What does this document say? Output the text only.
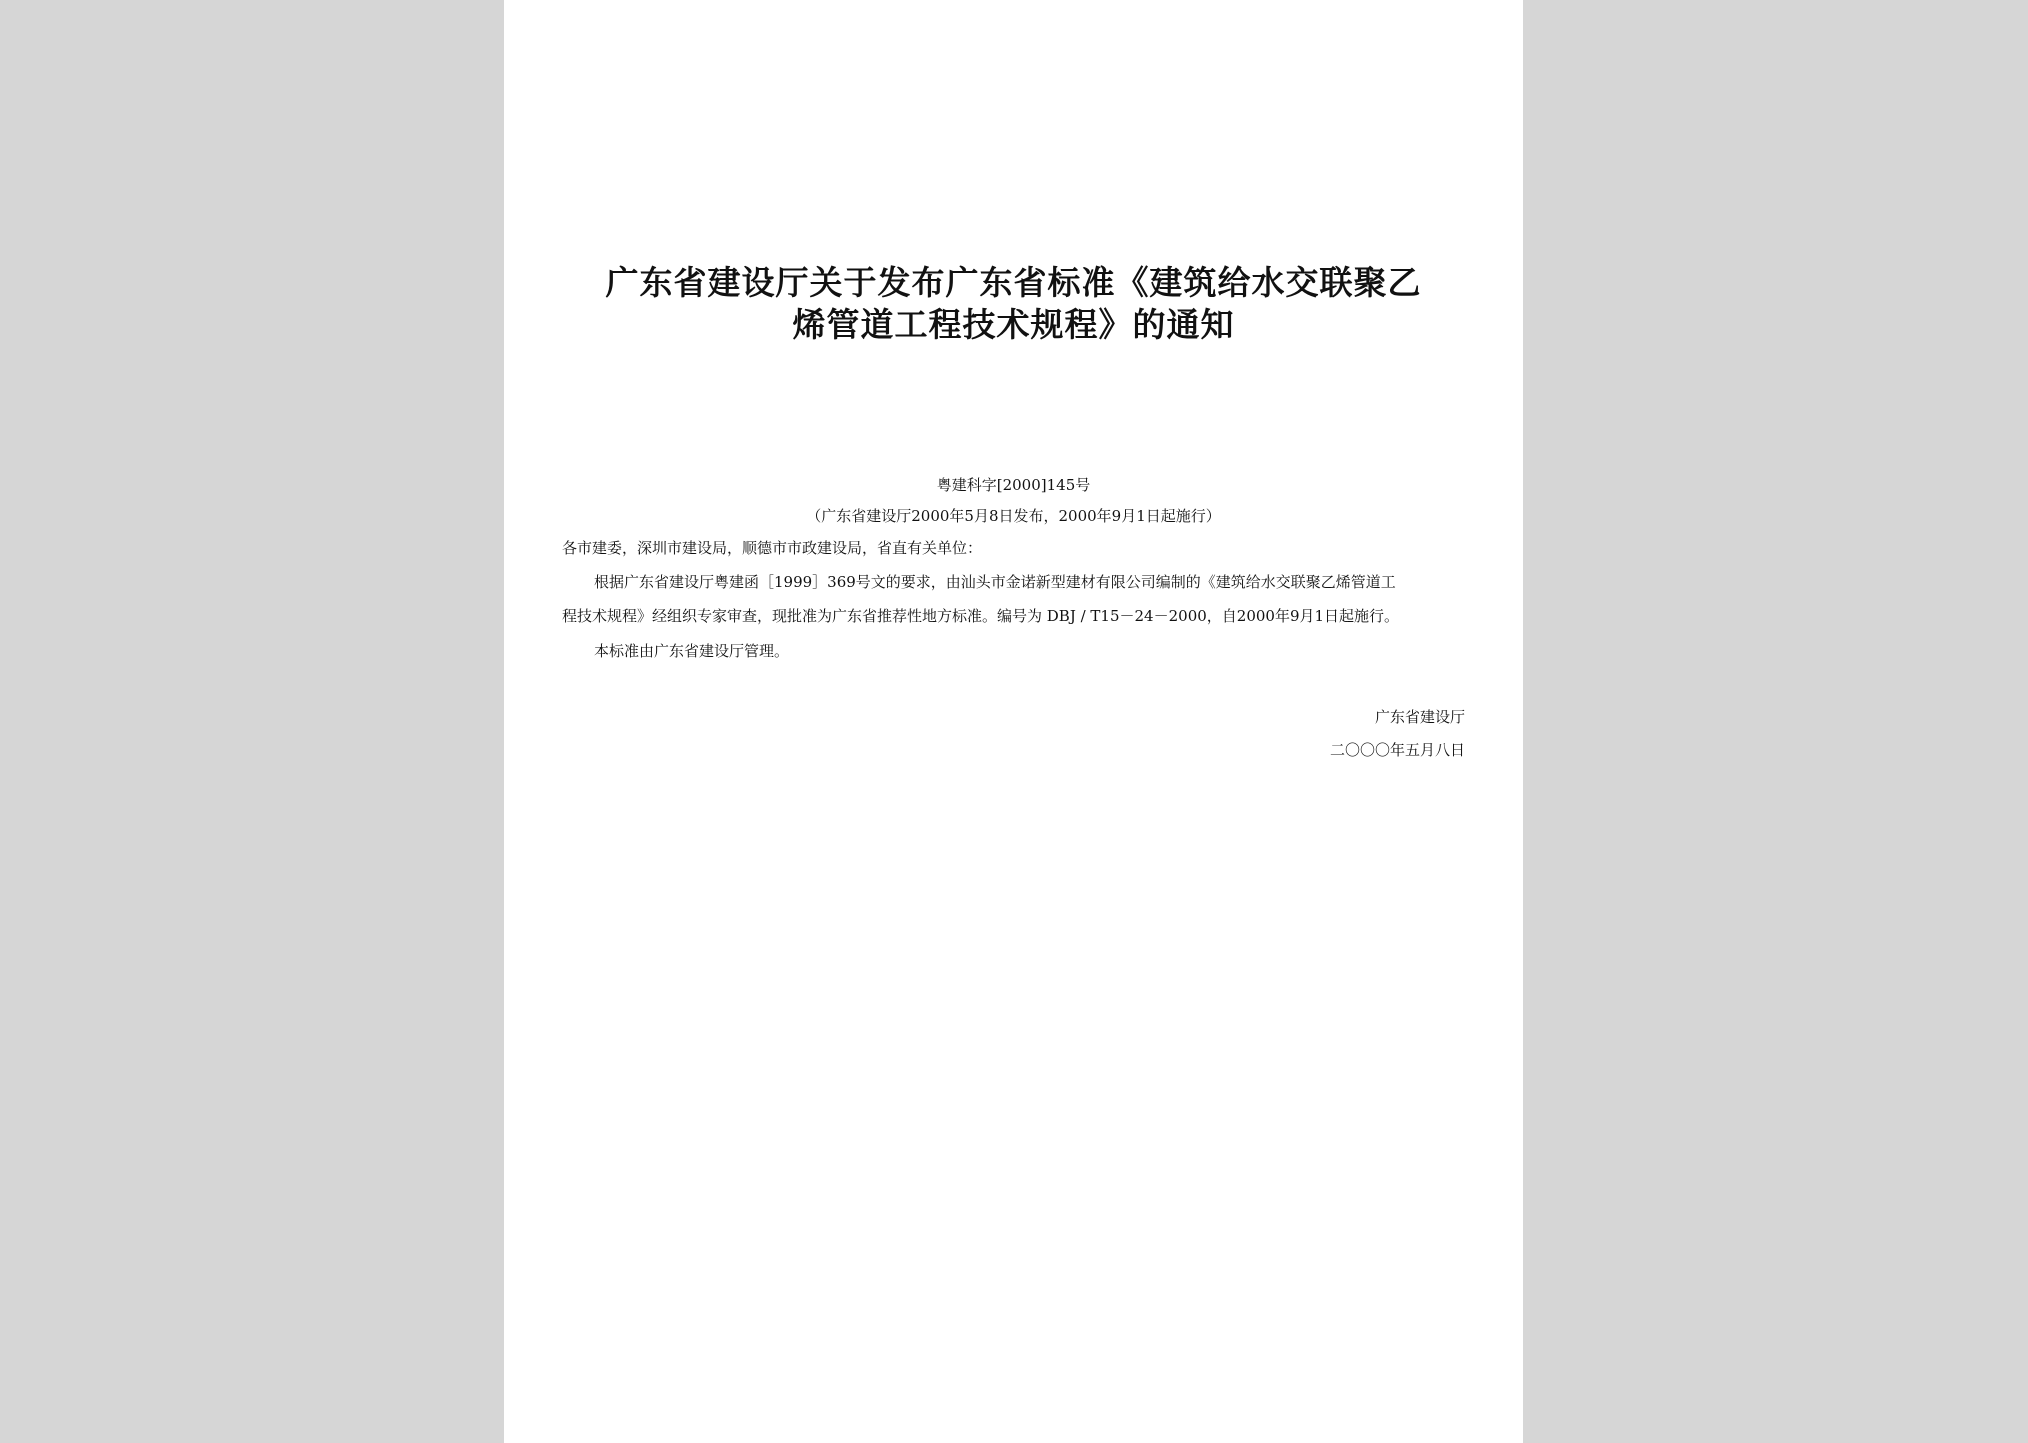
广东省建设厅关于发布广东省标准《建筑给水交联聚乙
烯管道工程技术规程》的通知
粤建科字[2000]145号
（广东省建设厅2000年5月8日发布，2000年9月1日起施行）
各市建委，深圳市建设局，顺德市市政建设局，省直有关单位：
根据广东省建设厅粤建函［1999］369号文的要求，由汕头市金诺新型建材有限公司编制的《建筑给水交联聚乙烯管道工
程技术规程》经组织专家审查，现批准为广东省推荐性地方标准。编号为 DBJ / T15－24－2000，自2000年9月1日起施行。
本标准由广东省建设厅管理。
广东省建设厅
二〇〇〇年五月八日
